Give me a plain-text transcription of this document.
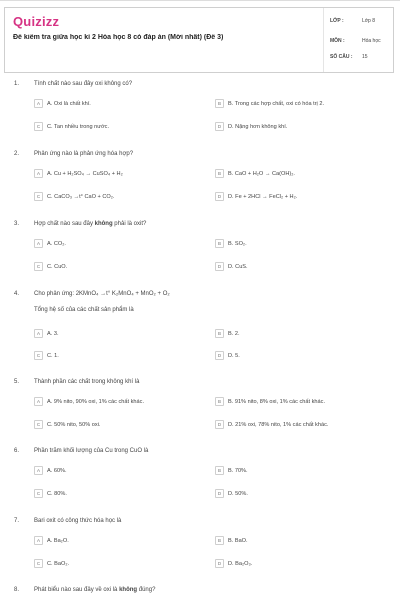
Quizizz
Đề kiểm tra giữa học kì 2 Hóa học 8 có đáp án (Mới nhất) (Đề 3)
LỚP :	Lớp 8
MÔN :	Hóa học
SỐ CÂU :	15
1. Tính chất nào sau đây oxi không có?
A	A. Oxi là chất khí.	B	B. Trong các hợp chất, oxi có hóa trị 2.
C	C. Tan nhiều trong nước.	D	D. Nặng hơn không khí.
2. Phản ứng nào là phản ứng hóa hợp?
A	A. Cu + H₂SO₄ → CuSO₄ + H₂	B	B. CaO + H₂O → Ca(OH)₂.
C	C. CaCO₃ →t° CaO + CO₂.	D	D. Fe + 2HCl → FeCl₂ + H₂.
3. Hợp chất nào sau đây không phải là oxit?
A	A. CO₂.	B	B. SO₂.
C	C. CuO.	D	D. CuS.
4. Cho phản ứng: 2KMnO₄ →t° K₂MnO₄ + MnO₂ + O₂
Tổng hệ số của các chất sản phẩm là
A	A. 3.	B	B. 2.
C	C. 1.	D	D. 5.
5. Thành phần các chất trong không khí là
A	A. 9% nito, 90% oxi, 1% các chất khác.	B	B. 91% nito, 8% oxi, 1% các chất khác.
C	C. 50% nito, 50% oxi.	D	D. 21% oxi, 78% nito, 1% các chất khác.
6. Phần trăm khối lượng của Cu trong CuO là
A	A. 60%.	B	B. 70%.
C	C. 80%.	D	D. 50%.
7. Bari oxit có công thức hóa học là
A	A. Ba₂O.	B	B. BaO.
C	C. BaO₂.	D	D. Ba₂O₃.
8. Phát biểu nào sau đây về oxi là không đúng?
